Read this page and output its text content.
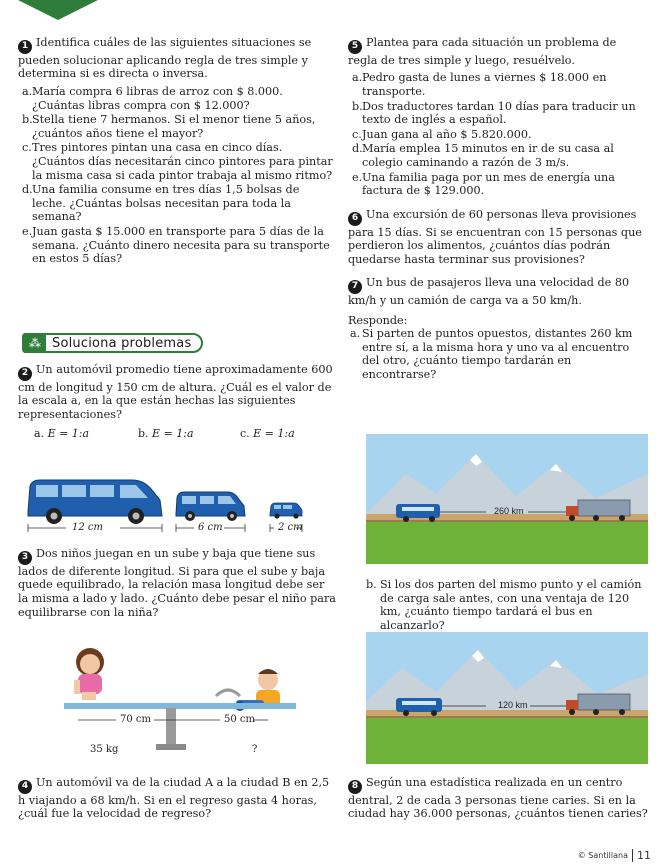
1 Identifica cuáles de las siguientes situaciones se pueden solucionar aplicando regla de tres simple y determina si es directa o inversa.
a. María compra 6 libras de arroz con $ 8.000. ¿Cuántas libras compra con $ 12.000?
b. Stella tiene 7 hermanos. Si el menor tiene 5 años, ¿cuántos años tiene el mayor?
c. Tres pintores pintan una casa en cinco días. ¿Cuántos días necesitarán cinco pintores para pintar la misma casa si cada pintor trabaja al mismo ritmo?
d. Una familia consume en tres días 1,5 bolsas de leche. ¿Cuántas bolsas necesitan para toda la semana?
e. Juan gasta $ 15.000 en transporte para 5 días de la semana. ¿Cuánto dinero necesita para su transporte en estos 5 días?
⁂ Soluciona problemas
2 Un automóvil promedio tiene aproximadamente 600 cm de longitud y 150 cm de altura. ¿Cuál es el valor de la escala a, en la que están hechas las siguientes representaciones?
a. E = 1:a	b. E = 1:a	c. E = 1:a
12 cm	6 cm	2 cm
3 Dos niños juegan en un sube y baja que tiene sus lados de diferente longitud. Si para que el sube y baja quede equilibrado, la relación masa longitud debe ser la misma a lado y lado. ¿Cuánto debe pesar el niño para equilibrarse con la niña?
70 cm	50 cm
35 kg	?
4 Un automóvil va de la ciudad A a la ciudad B en 2,5 h viajando a 68 km/h. Si en el regreso gasta 4 horas, ¿cuál fue la velocidad de regreso?
5 Plantea para cada situación un problema de regla de tres simple y luego, resuélvelo.
a. Pedro gasta de lunes a viernes $ 18.000 en transporte.
b. Dos traductores tardan 10 días para traducir un texto de inglés a español.
c. Juan gana al año $ 5.820.000.
d. María emplea 15 minutos en ir de su casa al colegio caminando a razón de 3 m/s.
e. Una familia paga por un mes de energía una factura de $ 129.000.
6 Una excursión de 60 personas lleva provisiones para 15 días. Si se encuentran con 15 personas que perdieron los alimentos, ¿cuántos días podrán quedarse hasta terminar sus provisiones?
7 Un bus de pasajeros lleva una velocidad de 80 km/h y un camión de carga va a 50 km/h.
Responde:
a. Si parten de puntos opuestos, distantes 260 km entre sí, a la misma hora y uno va al encuentro del otro, ¿cuánto tiempo tardarán en encontrarse?
260 km
b. Si los dos parten del mismo punto y el camión de carga sale antes, con una ventaja de 120 km, ¿cuánto tiempo tardará el bus en alcanzarlo?
120 km
8 Según una estadística realizada en un centro dentral, 2 de cada 3 personas tiene caries. Si en la ciudad hay 36.000 personas, ¿cuántos tienen caries?
© Santillana 11
